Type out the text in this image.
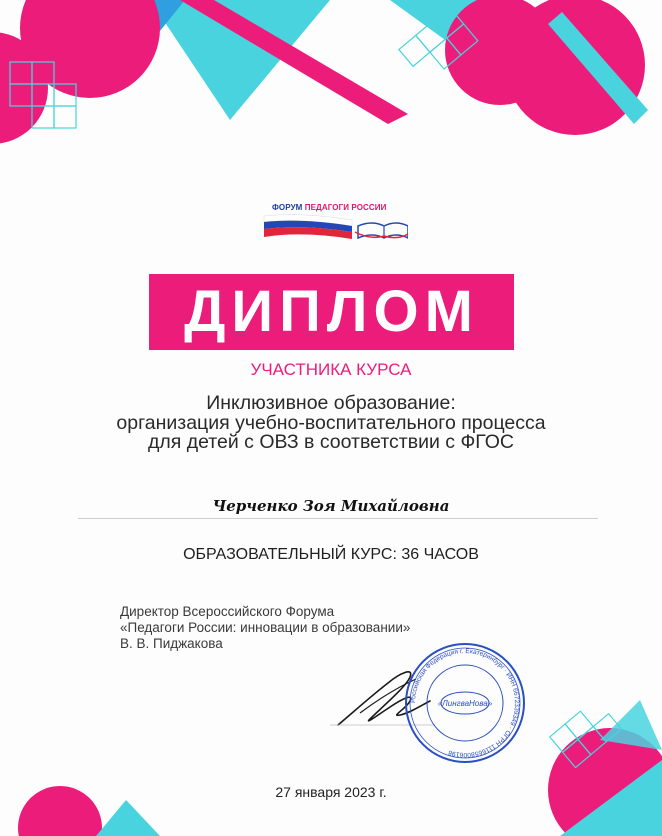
ФОРУМ ПЕДАГОГИ РОССИИ
ДИПЛОМ
УЧАСТНИКА КУРСА
Инклюзивное образование:
организация учебно-воспитательного процесса
для детей с ОВЗ в соответствии с ФГОС
Черченко Зоя Михайловна
ОБРАЗОВАТЕЛЬНЫЙ КУРС: 36 ЧАСОВ
Директор Всероссийского Форума
«Педагоги России: инновации в образовании»
В. В. Пиджакова
Российская Федерация г. Екатеринбург · ИНН 6672339349 · ОГРН 1116658006198
«ЛингваНова»
27 января 2023 г.
